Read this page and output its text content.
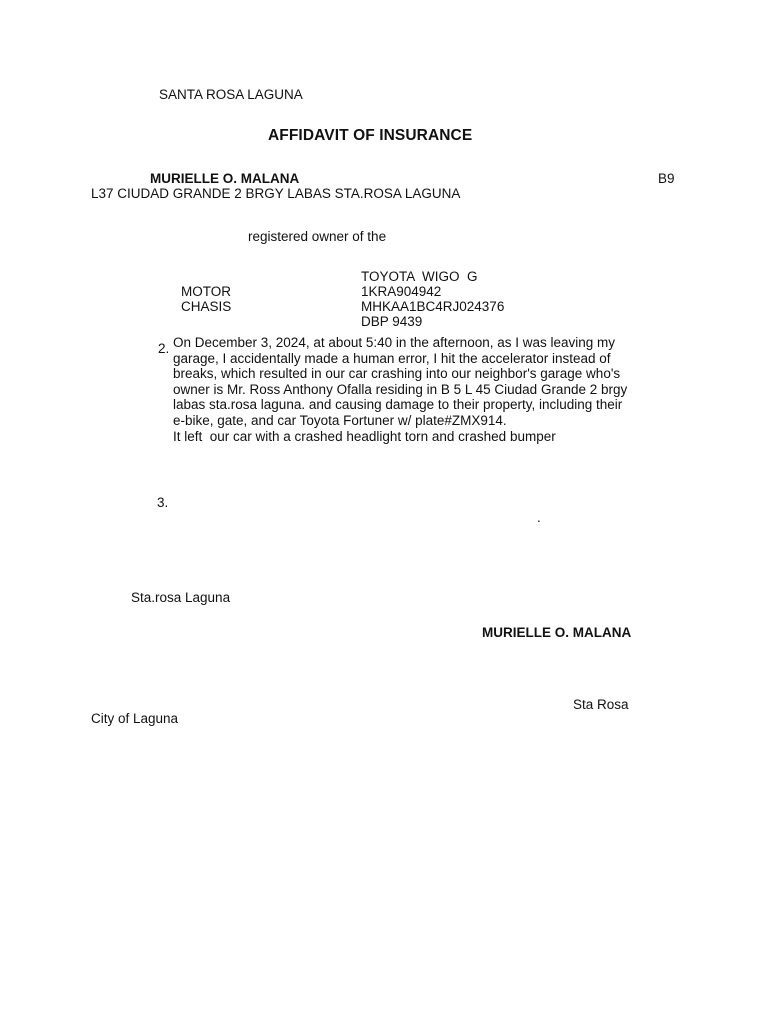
SANTA ROSA LAGUNA
AFFIDAVIT OF INSURANCE
MURIELLE O. MALANA	B9
L37 CIUDAD GRANDE 2 BRGY LABAS STA.ROSA LAGUNA
registered owner of the
TOYOTA  WIGO  G
MOTOR	1KRA904942
CHASIS	MHKAA1BC4RJ024376
DBP 9439
2. On December 3, 2024, at about 5:40 in the afternoon, as I was leaving my
garage, I accidentally made a human error, I hit the accelerator instead of
breaks, which resulted in our car crashing into our neighbor's garage who's
owner is Mr. Ross Anthony Ofalla residing in B 5 L 45 Ciudad Grande 2 brgy
labas sta.rosa laguna. and causing damage to their property, including their
e-bike, gate, and car Toyota Fortuner w/ plate#ZMX914.
It left  our car with a crashed headlight torn and crashed bumper
3.
.
Sta.rosa Laguna
MURIELLE O. MALANA
Sta Rosa
City of Laguna
